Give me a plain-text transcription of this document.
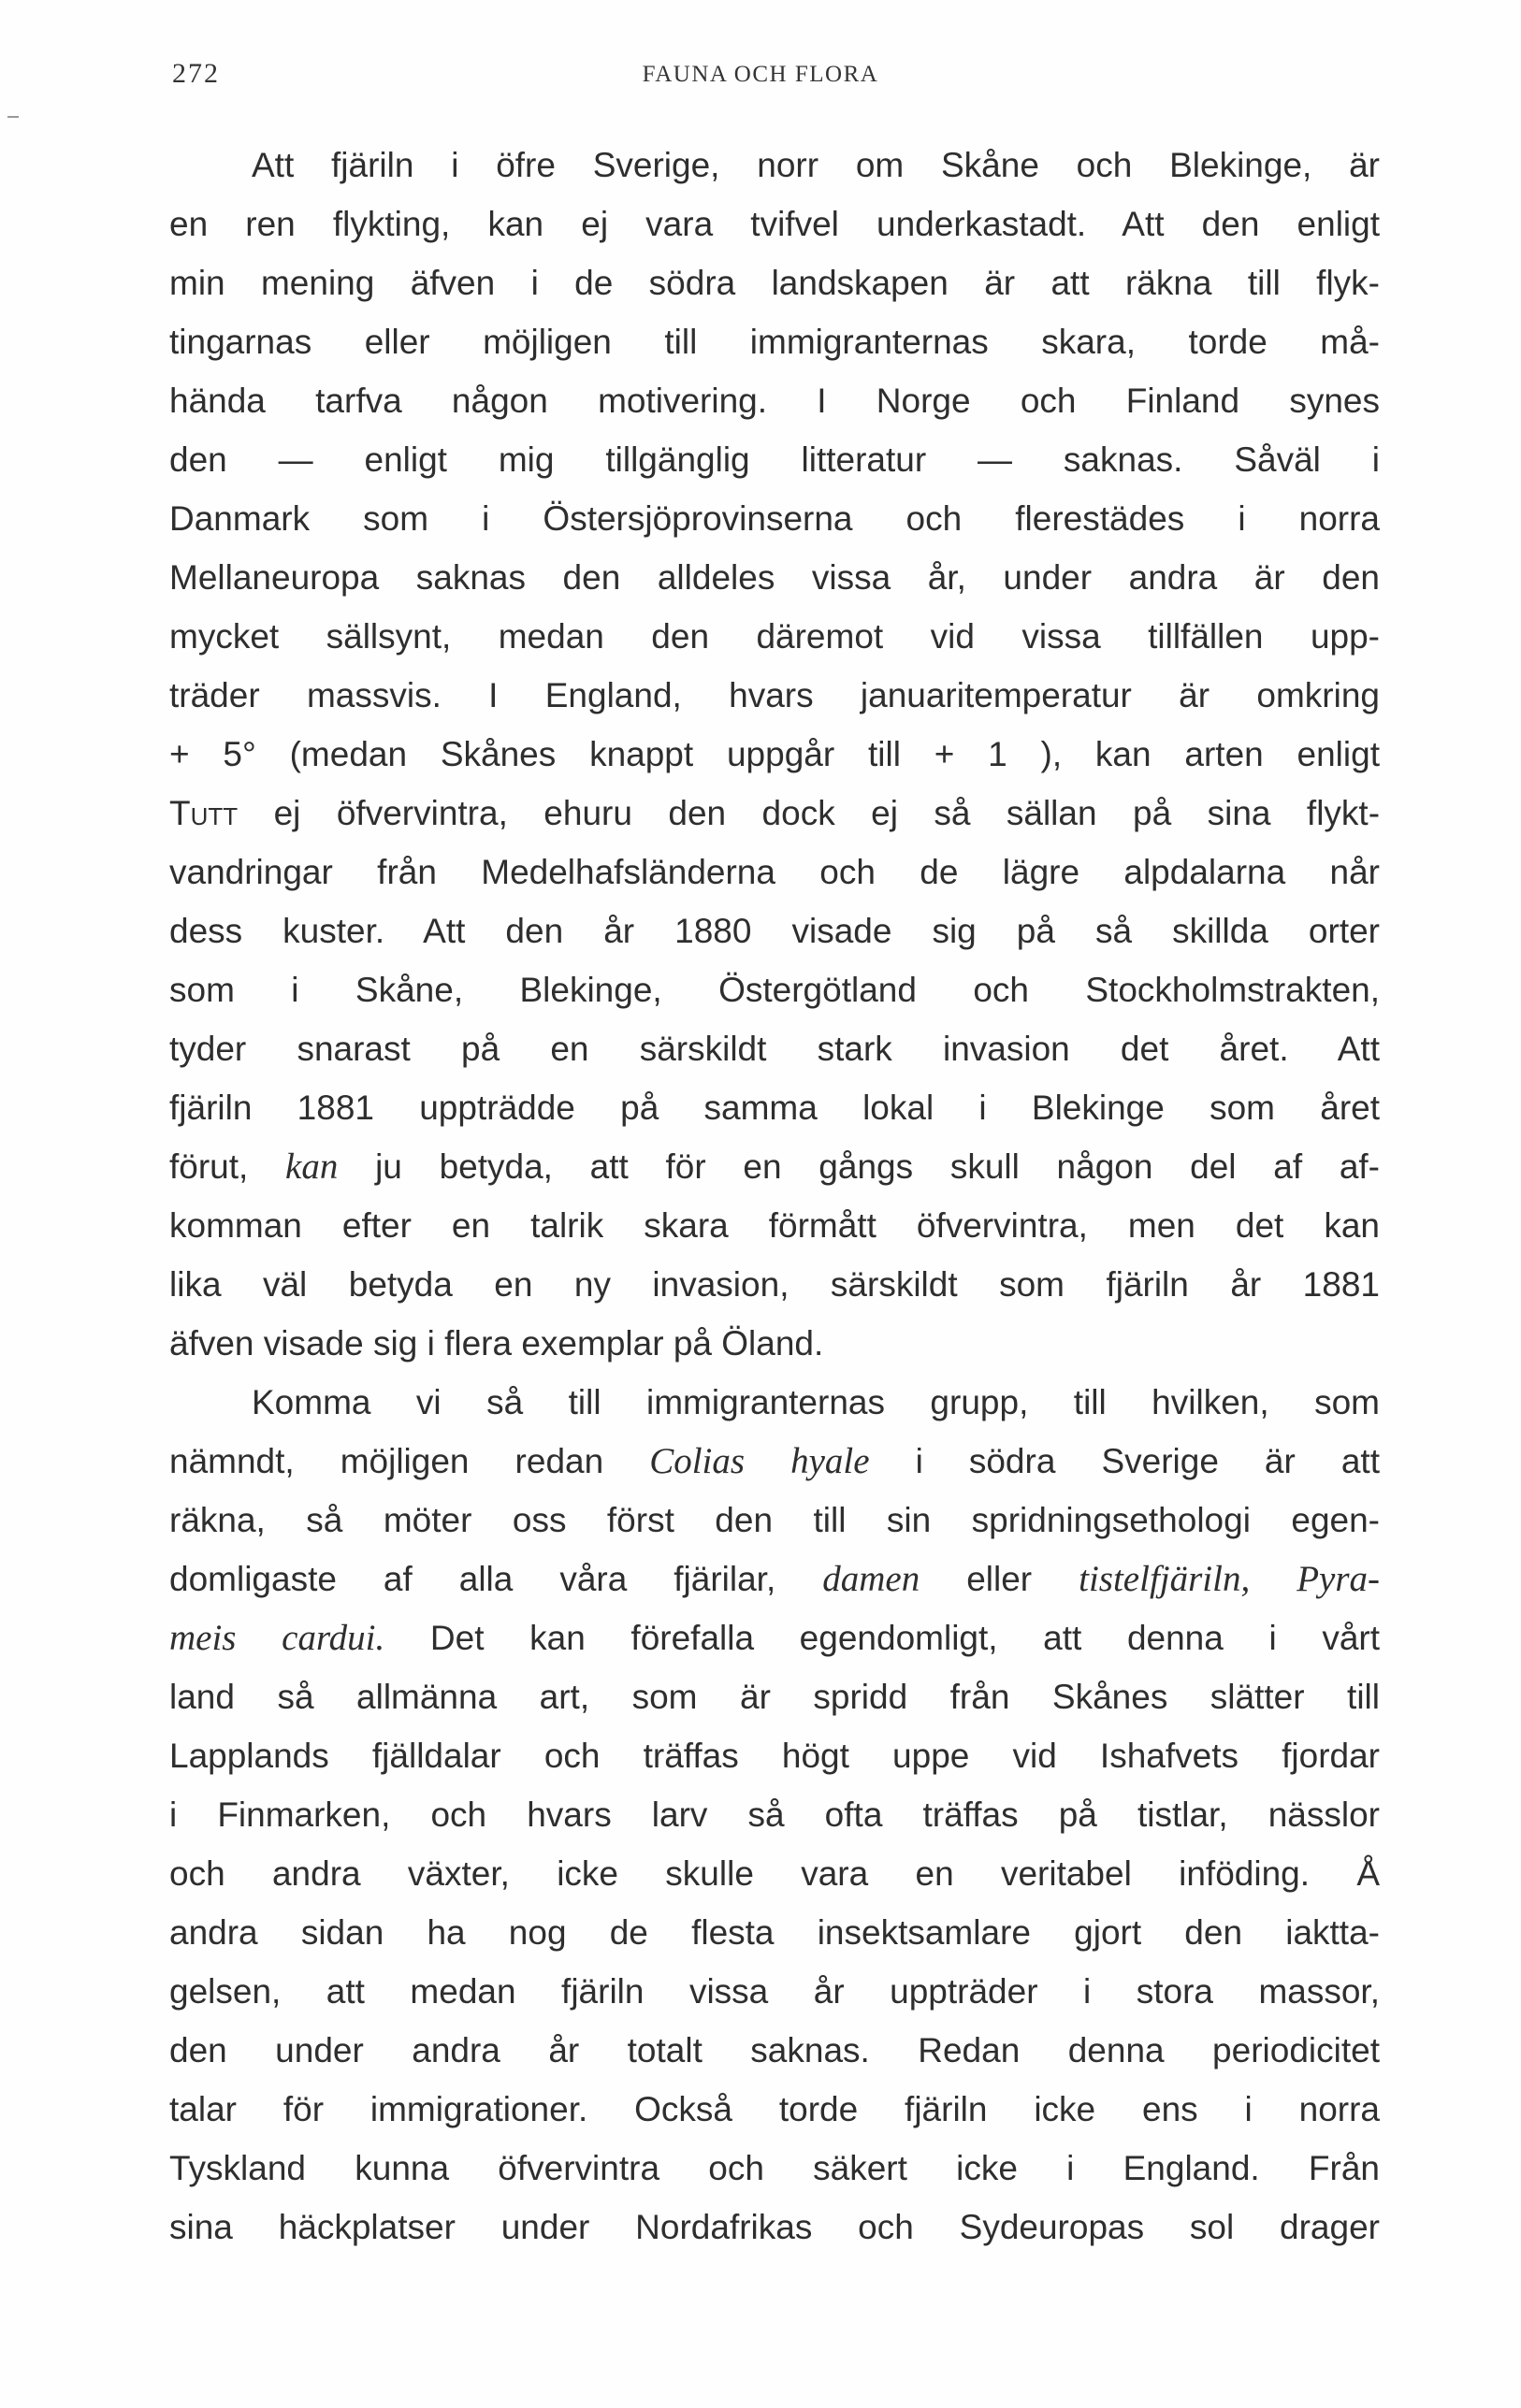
272	FAUNA OCH FLORA
Att fjäriln i öfre Sverige, norr om Skåne och Blekinge, är
en ren flykting, kan ej vara tvifvel underkastadt. Att den enligt
min mening äfven i de södra landskapen är att räkna till flyk-
tingarnas eller möjligen till immigranternas skara, torde må-
hända tarfva någon motivering. I Norge och Finland synes
den — enligt mig tillgänglig litteratur — saknas. Såväl i
Danmark som i Östersjöprovinserna och flerestädes i norra
Mellaneuropa saknas den alldeles vissa år, under andra är den
mycket sällsynt, medan den däremot vid vissa tillfällen upp-
träder massvis. I England, hvars januaritemperatur är omkring
+ 5° (medan Skånes knappt uppgår till + 1 ), kan arten enligt
Tutt ej öfvervintra, ehuru den dock ej så sällan på sina flykt-
vandringar från Medelhafsländerna och de lägre alpdalarna når
dess kuster. Att den år 1880 visade sig på så skillda orter
som i Skåne, Blekinge, Östergötland och Stockholmstrakten,
tyder snarast på en särskildt stark invasion det året. Att
fjäriln 1881 uppträdde på samma lokal i Blekinge som året
förut, kan ju betyda, att för en gångs skull någon del af af-
komman efter en talrik skara förmått öfvervintra, men det kan
lika väl betyda en ny invasion, särskildt som fjäriln år 1881
äfven visade sig i flera exemplar på Öland.
Komma vi så till immigranternas grupp, till hvilken, som
nämndt, möjligen redan Colias hyale i södra Sverige är att
räkna, så möter oss först den till sin spridningsethologi egen-
domligaste af alla våra fjärilar, damen eller tistelfjäriln, Pyra-
meis cardui. Det kan förefalla egendomligt, att denna i vårt
land så allmänna art, som är spridd från Skånes slätter till
Lapplands fjälldalar och träffas högt uppe vid Ishafvets fjordar
i Finmarken, och hvars larv så ofta träffas på tistlar, nässlor
och andra växter, icke skulle vara en veritabel inföding. Å
andra sidan ha nog de flesta insektsamlare gjort den iaktta-
gelsen, att medan fjäriln vissa år uppträder i stora massor,
den under andra år totalt saknas. Redan denna periodicitet
talar för immigrationer. Också torde fjäriln icke ens i norra
Tyskland kunna öfvervintra och säkert icke i England. Från
sina häckplatser under Nordafrikas och Sydeuropas sol drager
